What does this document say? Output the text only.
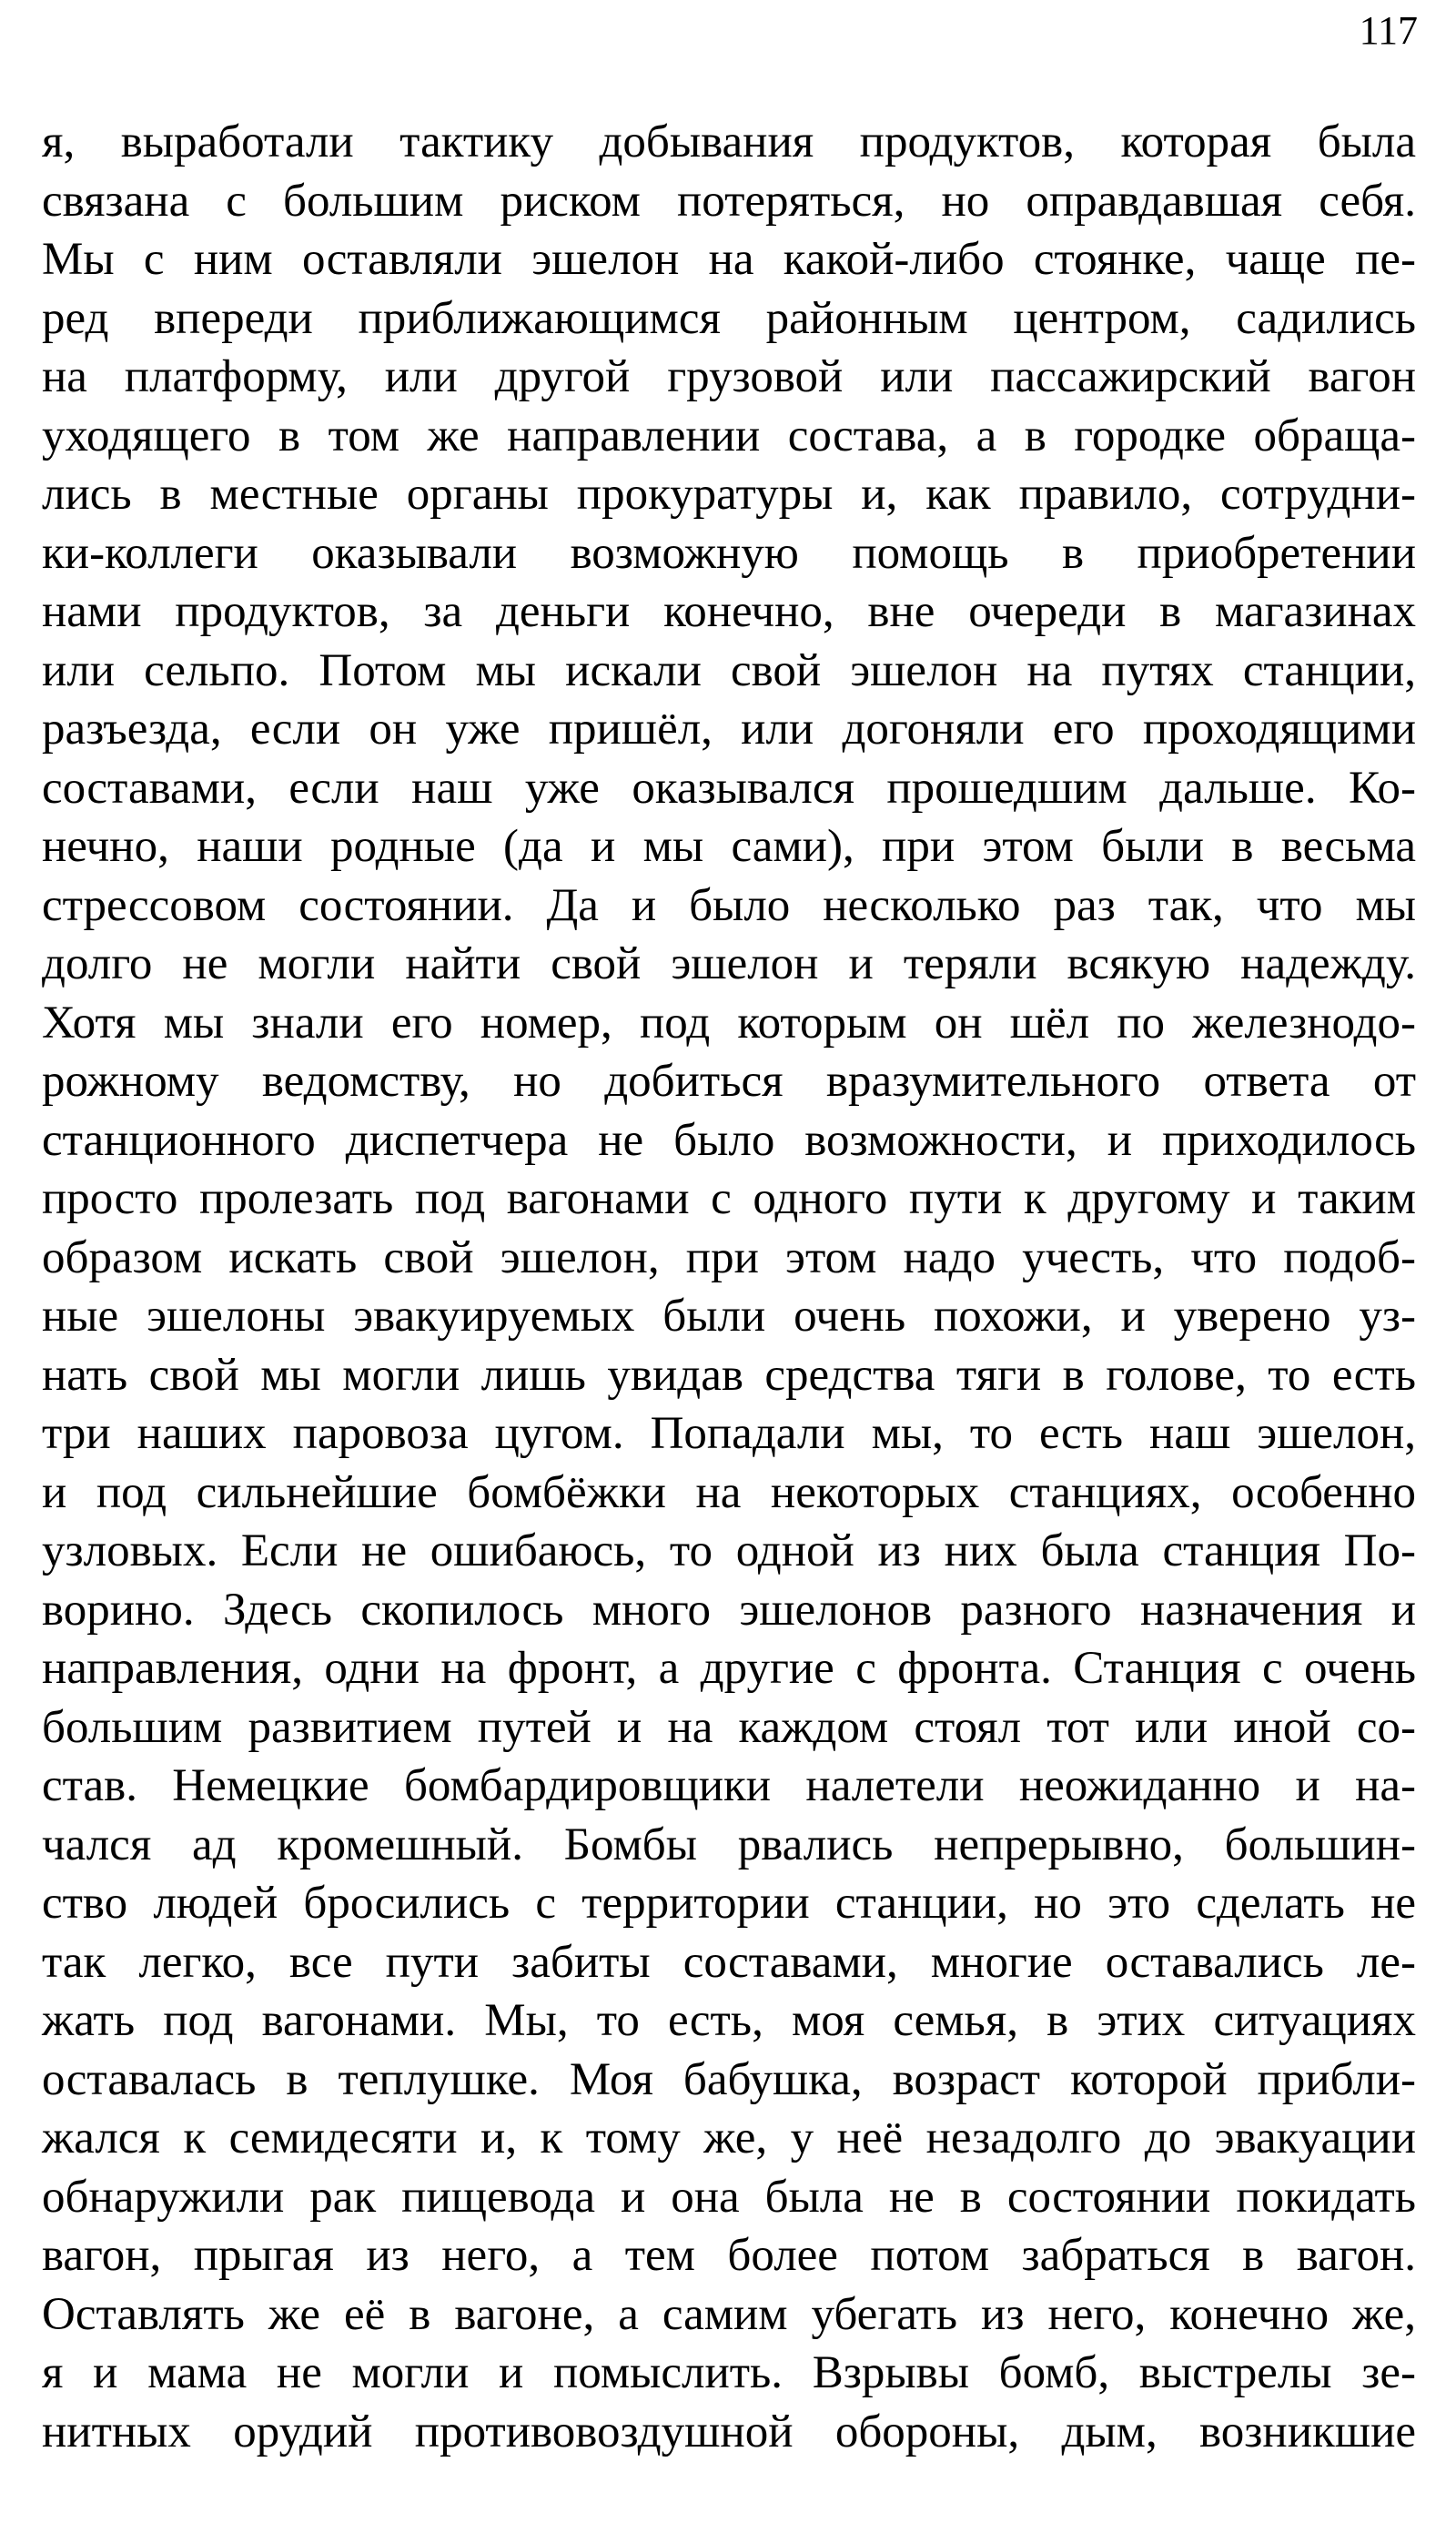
117
я, выработали тактику добывания продуктов, которая была
связана с большим риском потеряться, но оправдавшая себя.
Мы с ним оставляли эшелон на какой-либо стоянке, чаще пе-
ред впереди приближающимся районным центром, садились
на платформу, или другой грузовой или пассажирский вагон
уходящего в том же направлении состава, а в городке обраща-
лись в местные органы прокуратуры и, как правило, сотрудни-
ки-коллеги оказывали возможную помощь в приобретении
нами продуктов, за деньги конечно, вне очереди в магазинах
или сельпо. Потом мы искали свой эшелон на путях станции,
разъезда, если он уже пришёл, или догоняли его проходящими
составами, если наш уже оказывался прошедшим дальше. Ко-
нечно, наши родные (да и мы сами), при этом были в весьма
стрессовом состоянии. Да и было несколько раз так, что мы
долго не могли найти свой эшелон и теряли всякую надежду.
Хотя мы знали его номер, под которым он шёл по железнодо-
рожному ведомству, но добиться вразумительного ответа от
станционного диспетчера не было возможности, и приходилось
просто пролезать под вагонами с одного пути к другому и таким
образом искать свой эшелон, при этом надо учесть, что подоб-
ные эшелоны эвакуируемых были очень похожи, и уверено уз-
нать свой мы могли лишь увидав средства тяги в голове, то есть
три наших паровоза цугом. Попадали мы, то есть наш эшелон,
и под сильнейшие бомбёжки на некоторых станциях, особенно
узловых. Если не ошибаюсь, то одной из них была станция По-
ворино. Здесь скопилось много эшелонов разного назначения и
направления, одни на фронт, а другие с фронта. Станция с очень
большим развитием путей и на каждом стоял тот или иной со-
став. Немецкие бомбардировщики налетели неожиданно и на-
чался ад кромешный. Бомбы рвались непрерывно, большин-
ство людей бросились с территории станции, но это сделать не
так легко, все пути забиты составами, многие оставались ле-
жать под вагонами. Мы, то есть, моя семья, в этих ситуациях
оставалась в теплушке. Моя бабушка, возраст которой прибли-
жался к семидесяти и, к тому же, у неё незадолго до эвакуации
обнаружили рак пищевода и она была не в состоянии покидать
вагон, прыгая из него, а тем более потом забраться в вагон.
Оставлять же её в вагоне, а самим убегать из него, конечно же,
я и мама не могли и помыслить. Взрывы бомб, выстрелы зе-
нитных орудий противовоздушной обороны, дым, возникшие
